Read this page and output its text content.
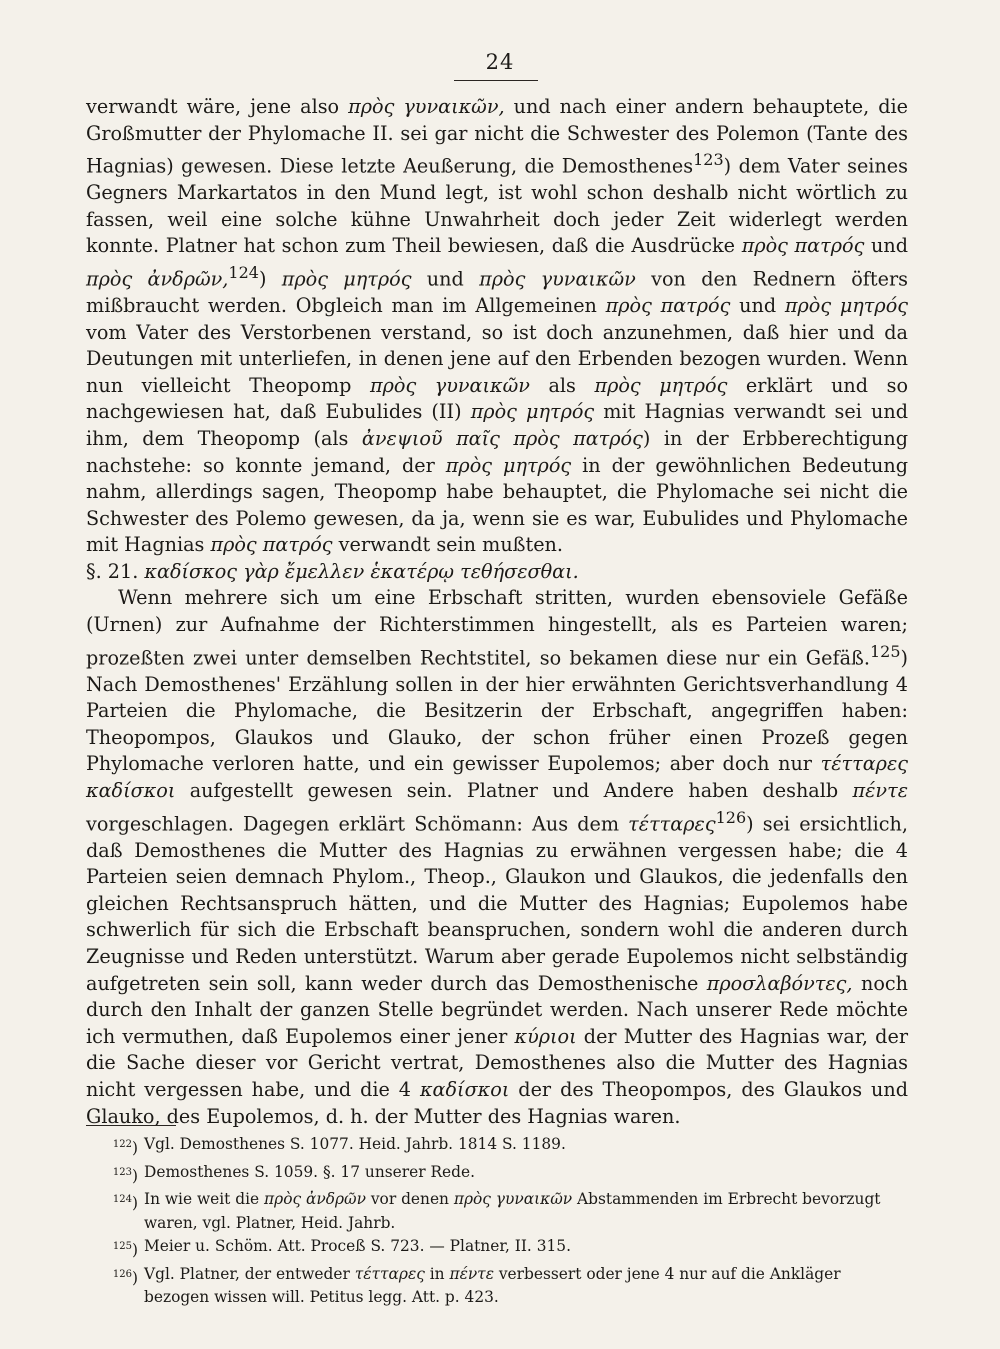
24

verwandt wäre, jene also πρὸς γυναικῶν, und nach einer andern behauptete, die Großmutter der Phylomache II. sei gar nicht die Schwester des Polemon (Tante des Hagnias) gewesen. Diese letzte Aeußerung, die Demosthenes$^{123}$) dem Vater seines Gegners Markartatos in den Mund legt, ist wohl schon deshalb nicht wörtlich zu fassen, weil eine solche kühne Unwahrheit doch jeder Zeit widerlegt werden konnte. Platner hat schon zum Theil bewiesen, daß die Ausdrücke πρὸς πατρός und πρὸς ἀνδρῶν,$^{124}$) πρὸς μητρός und πρὸς γυναικῶν von den Rednern öfters mißbraucht werden. Obgleich man im Allgemeinen πρὸς πατρός und πρὸς μητρός vom Vater des Verstorbenen verstand, so ist doch anzunehmen, daß hier und da Deutungen mit unterliefen, in denen jene auf den Erbenden bezogen wurden. Wenn nun vielleicht Theopomp πρὸς γυναικῶν als πρὸς μητρός erklärt und so nachgewiesen hat, daß Eubulides (II) πρὸς μητρός mit Hagnias verwandt sei und ihm, dem Theopomp (als ἀνεψιοῦ παῖς πρὸς πατρός) in der Erbberechtigung nachstehe: so konnte jemand, der πρὸς μητρός in der gewöhnlichen Bedeutung nahm, allerdings sagen, Theopomp habe behauptet, die Phylomache sei nicht die Schwester des Polemo gewesen, da ja, wenn sie es war, Eubulides und Phylomache mit Hagnias πρὸς πατρός verwandt sein mußten.

§. 21. καδίσκος γὰρ ἔμελλεν ἑκατέρῳ τεθήσεσθαι.

Wenn mehrere sich um eine Erbschaft stritten, wurden ebensoviele Gefäße (Urnen) zur Aufnahme der Richterstimmen hingestellt, als es Parteien waren; prozeßten zwei unter demselben Rechtstitel, so bekamen diese nur ein Gefäß.$^{125}$) Nach Demosthenes' Erzählung sollen in der hier erwähnten Gerichtsverhandlung 4 Parteien die Phylomache, die Besitzerin der Erbschaft, angegriffen haben: Theopompos, Glaukos und Glauko, der schon früher einen Prozeß gegen Phylomache verloren hatte, und ein gewisser Eupolemos; aber doch nur τέτταρες καδίσκοι aufgestellt gewesen sein. Platner und Andere haben deshalb πέντε vorgeschlagen. Dagegen erklärt Schömann: Aus dem τέτταρες$^{126}$) sei ersichtlich, daß Demosthenes die Mutter des Hagnias zu erwähnen vergessen habe; die 4 Parteien seien demnach Phylom., Theop., Glaukon und Glaukos, die jedenfalls den gleichen Rechtsanspruch hätten, und die Mutter des Hagnias; Eupolemos habe schwerlich für sich die Erbschaft beanspruchen, sondern wohl die anderen durch Zeugnisse und Reden unterstützt. Warum aber gerade Eupolemos nicht selbständig aufgetreten sein soll, kann weder durch das Demosthenische προσλαβόντες, noch durch den Inhalt der ganzen Stelle begründet werden. Nach unserer Rede möchte ich vermuthen, daß Eupolemos einer jener κύριοι der Mutter des Hagnias war, der die Sache dieser vor Gericht vertrat, Demosthenes also die Mutter des Hagnias nicht vergessen habe, und die 4 καδίσκοι der des Theopompos, des Glaukos und Glauko, des Eupolemos, d. h. der Mutter des Hagnias waren.

$^{122}$) Vgl. Demosthenes S. 1077. Heid. Jahrb. 1814 S. 1189.

$^{123}$) Demosthenes S. 1059. §. 17 unserer Rede.

$^{124}$) In wie weit die πρὸς ἀνδρῶν vor denen πρὸς γυναικῶν Abstammenden im Erbrecht bevorzugt waren, vgl. Platner, Heid. Jahrb.

$^{125}$) Meier u. Schöm. Att. Proceß S. 723. — Platner, II. 315.

$^{126}$) Vgl. Platner, der entweder τέτταρες in πέντε verbessert oder jene 4 nur auf die Ankläger bezogen wissen will. Petitus legg. Att. p. 423.
